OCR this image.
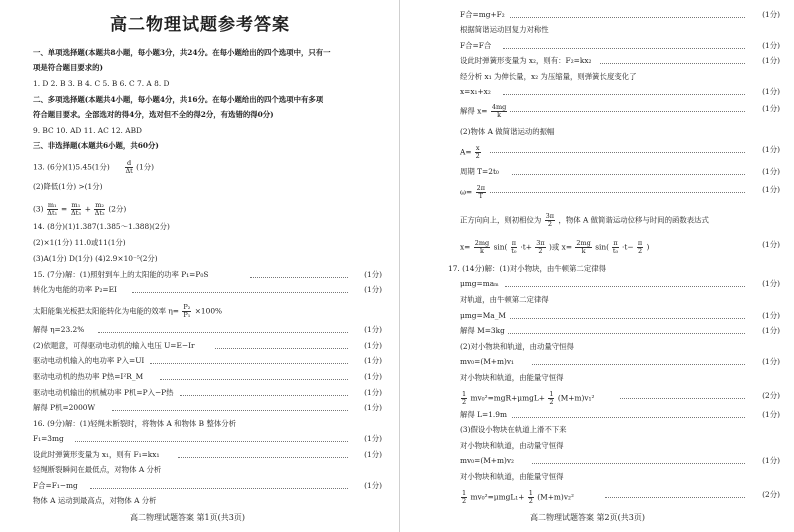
高二物理试题参考答案
一、单项选择题(本题共8小题，每小题3分，共24分。在每小题给出的四个选项中，只有一
项是符合题目要求的)
1. D 2. B 3. B 4. C 5. B 6. C 7. A 8. D
二、多项选择题(本题共4小题，每小题4分，共16分。在每小题给出的四个选项中有多项
符合题目要求。全部选对的得4分，选对但不全的得2分，有选错的得0分)
9. BC 10. AD 11. AC 12. ABD
三、非选择题(本题共6小题，共60分)
13. (6分)(1)5.45(1分) $\frac{d}{\Delta t} (1$分)
(2)降低(1分) >(1分)
$(3) \frac{\text{m₁}}{\text{Δt₁}} = \frac{\text{m₁}}{\text{Δt₃}} + \frac{\text{m₂}}{\text{Δt₂}} (2$分)
14. (8分)(1)1.387(1.385～1.388)(2分)
(2)×1(1分) 11.0或11(1分)
(3)A(1分) D(1分) (4)2.9×10⁻⁵(2分)
15. (7分)解：(1)照射到车上的太阳能的功率 P₁=P₀S	(1分)
转化为电能的功率 P₂=EI	(1分)
太阳能集光板把太阳能转化为电能的效率 $\eta= \frac{\text{P₂}}{\text{P₁}} \times 100\%$
解得 η=23.2%	(1分)
(2)依题意，可得驱动电动机的输入电压 U=E−Ir	(1分)
驱动电动机输入的电功率 P入=UI	(1分)
驱动电动机的热功率 P热=I²R_M	(1分)
驱动电动机输出的机械功率 P机=P入−P热	(1分)
解得 P机=2000W	(1分)
16. (9分)解：(1)轻绳未断裂时，将物体 A 和物体 B 整体分析
F₁=3mg	(1分)
设此时弹簧形变量为 x₁，则有 F₁=kx₁	(1分)
轻绳断裂瞬间在最低点，对物体 A 分析
F合=F₁−mg	(1分)
物体 A 运动到最高点，对物体 A 分析
高二物理试题答案 第1页(共3页)
F合=mg+F₂	(1分)
根据简谐运动回复力对称性
F合=F合	(1分)
设此时弹簧形变量为 x₂，则有：F₂=kx₂	(1分)
经分析 x₁ 为伸长量，x₂ 为压缩量，则弹簧长度变化了
x=x₁+x₂	(1分)
解得 $x= \frac{4mg}{k}$	(1分)
(2)物体 A 做简谐运动的振幅
$A= \frac{x}{2}$	(1分)
周期 T=2t₀	(1分)
$\omega= \frac{2\pi}{T}$	(1分)
正方向向上，则初相位为 $\frac{3\pi}{2}$ ，物体 A 做简谐运动位移与时间的函数表达式
$x= \frac{2mg}{k} \sin( \frac{\pi}{\text{t₀}} \cdot t+ \frac{3\pi}{2}$ )或 $x= \frac{2mg}{k} \sin( \frac{\pi}{\text{t₀}} \cdot t- \frac{\pi}{2}$ )	(1分)
17. (14分)解：(1)对小物块，由牛顿第二定律得
μmg=maₘ	(1分)
对轨道，由牛顿第二定律得
μmg=Ma_M	(1分)
解得 M=3kg	(1分)
(2)对小物块和轨道，由动量守恒得
mv₀=(M+m)v₁	(1分)
对小物块和轨道，由能量守恒得
$\frac{1}{2} mv_0^2=mgR+\mu mgL+ \frac{1}{2} (M+m)v_1^2$	(2分)
解得 L=1.9m	(1分)
(3)假设小物块在轨道上滑不下来
对小物块和轨道，由动量守恒得
mv₀=(M+m)v₂	(1分)
对小物块和轨道，由能量守恒得
$\frac{1}{2} mv_0^2=\mu mgL_1+ \frac{1}{2} (M+m)v_2^2$	(2分)
高二物理试题答案 第2页(共3页)
